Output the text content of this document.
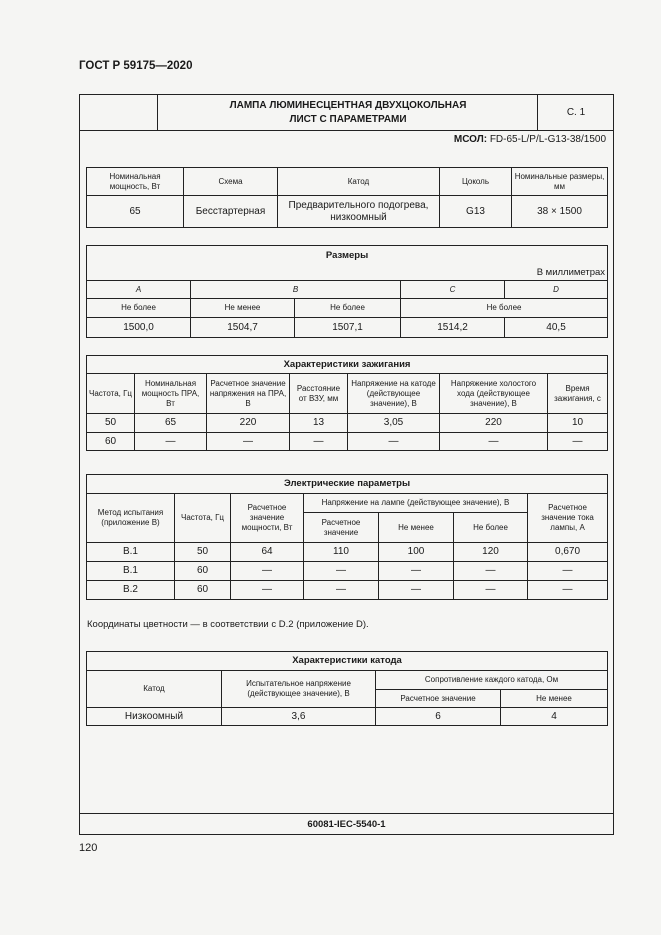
ГОСТ Р 59175—2020
ЛАМПА ЛЮМИНЕСЦЕНТНАЯ ДВУХЦОКОЛЬНАЯ
ЛИСТ С ПАРАМЕТРАМИ
С. 1
МСОЛ: FD-65-L/P/L-G13-38/1500
Номинальная мощность, Вт	Схема	Катод	Цоколь	Номинальные размеры, мм
65	Бесстартерная	Предварительного подогрева, низкоомный	G13	38 × 1500
Размеры				
В миллиметрах				
A	B		C	D
Не более	Не менее	Не более	Не более	
1500,0	1504,7	1507,1	1514,2	40,5
Характеристики зажигания						
Частота, Гц	Номинальная мощность ПРА, Вт	Расчетное значение напряжения на ПРА, В	Расстояние от ВЗУ, мм	Напряжение на катоде (действующее значение), В	Напряжение холостого хода (действующее значение), В	Время зажигания, с
50	65	220	13	3,05	220	10
60	—	—	—	—	—	—
Электрические параметры						
Метод испытания (приложение B)	Частота, Гц	Расчетное значение мощности, Вт	Напряжение на лампе (действующее значение), В			Расчетное значение тока лампы, А
			Расчетное значение	Не менее	Не более	
B.1	50	64	110	100	120	0,670
B.1	60	—	—	—	—	—
B.2	60	—	—	—	—	—
Координаты цветности — в соответствии с D.2 (приложение D).
Характеристики катода			
Катод	Испытательное напряжение (действующее значение), В	Сопротивление каждого катода, Ом	
		Расчетное значение	Не менее
Низкоомный	3,6	6	4
60081-IEC-5540-1
120
